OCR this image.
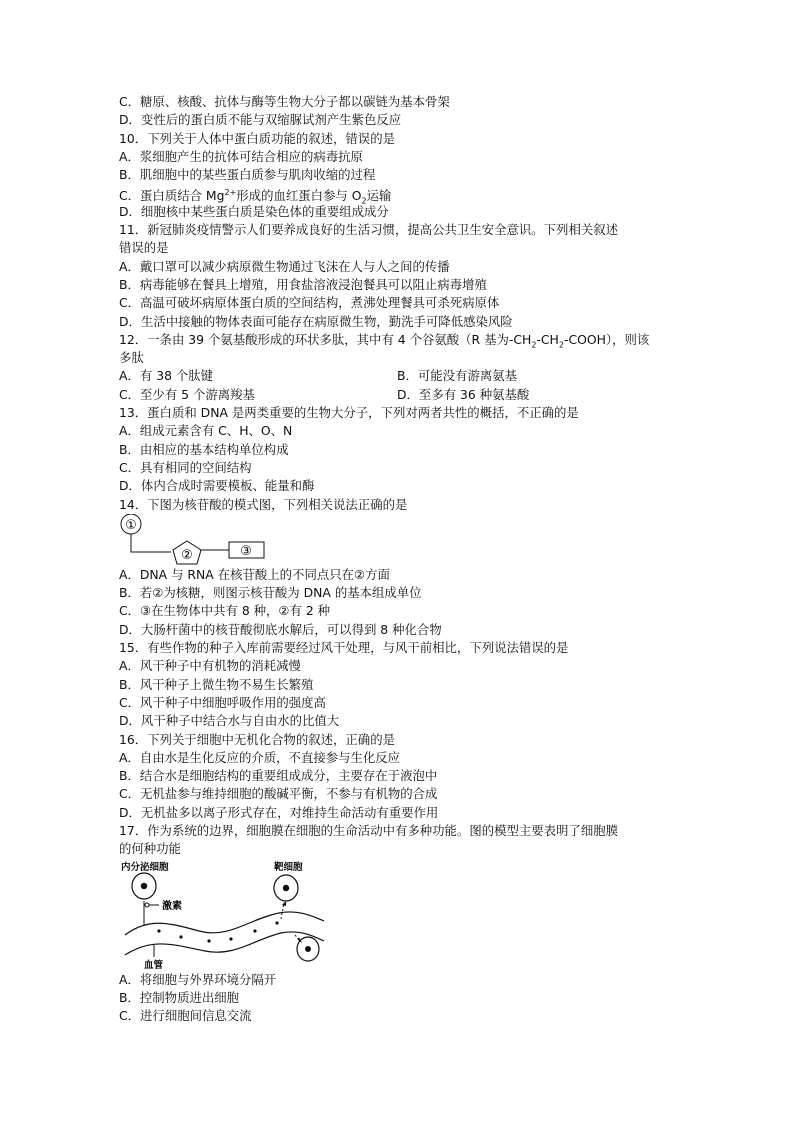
C．糖原、核酸、抗体与酶等生物大分子都以碳链为基本骨架
D．变性后的蛋白质不能与双缩脲试剂产生紫色反应
10．下列关于人体中蛋白质功能的叙述，错误的是
A．浆细胞产生的抗体可结合相应的病毒抗原
B．肌细胞中的某些蛋白质参与肌肉收缩的过程
C．蛋白质结合 $Mg^{2+}$形成的血红蛋白参与 $O_2$运输
D．细胞核中某些蛋白质是染色体的重要组成成分
11．新冠肺炎疫情警示人们要养成良好的生活习惯，提高公共卫生安全意识。下列相关叙述
错误的是
A．戴口罩可以减少病原微生物通过飞沫在人与人之间的传播
B．病毒能够在餐具上增殖，用食盐溶液浸泡餐具可以阻止病毒增殖
C．高温可破坏病原体蛋白质的空间结构，煮沸处理餐具可杀死病原体
D．生活中接触的物体表面可能存在病原微生物，勤洗手可降低感染风险
12．一条由 39 个氨基酸形成的环状多肽，其中有 4 个谷氨酸（R 基为$-CH_2-CH_2-COOH$），则该
多肽
A．有 38 个肽键	B．可能没有游离氨基
C．至少有 5 个游离羧基	D．至多有 36 种氨基酸
13．蛋白质和 DNA 是两类重要的生物大分子，下列对两者共性的概括，不正确的是
A．组成元素含有 C、H、O、N
B．由相应的基本结构单位构成
C．具有相同的空间结构
D．体内合成时需要模板、能量和酶
14．下图为核苷酸的模式图，下列相关说法正确的是
①
②	③
A．DNA 与 RNA 在核苷酸上的不同点只在②方面
B．若②为核糖，则图示核苷酸为 DNA 的基本组成单位
C．③在生物体中共有 8 种，②有 2 种
D．大肠杆菌中的核苷酸彻底水解后，可以得到 8 种化合物
15．有些作物的种子入库前需要经过风干处理，与风干前相比，下列说法错误的是
A．风干种子中有机物的消耗减慢
B．风干种子上微生物不易生长繁殖
C．风干种子中细胞呼吸作用的强度高
D．风干种子中结合水与自由水的比值大
16．下列关于细胞中无机化合物的叙述，正确的是
A．自由水是生化反应的介质，不直接参与生化反应
B．结合水是细胞结构的重要组成成分，主要存在于液泡中
C．无机盐参与维持细胞的酸碱平衡，不参与有机物的合成
D．无机盐多以离子形式存在，对维持生命活动有重要作用
17．作为系统的边界，细胞膜在细胞的生命活动中有多种功能。图的模型主要表明了细胞膜
的何种功能
内分泌细胞	靶细胞
激素
血管
A．将细胞与外界环境分隔开
B．控制物质进出细胞
C．进行细胞间信息交流
